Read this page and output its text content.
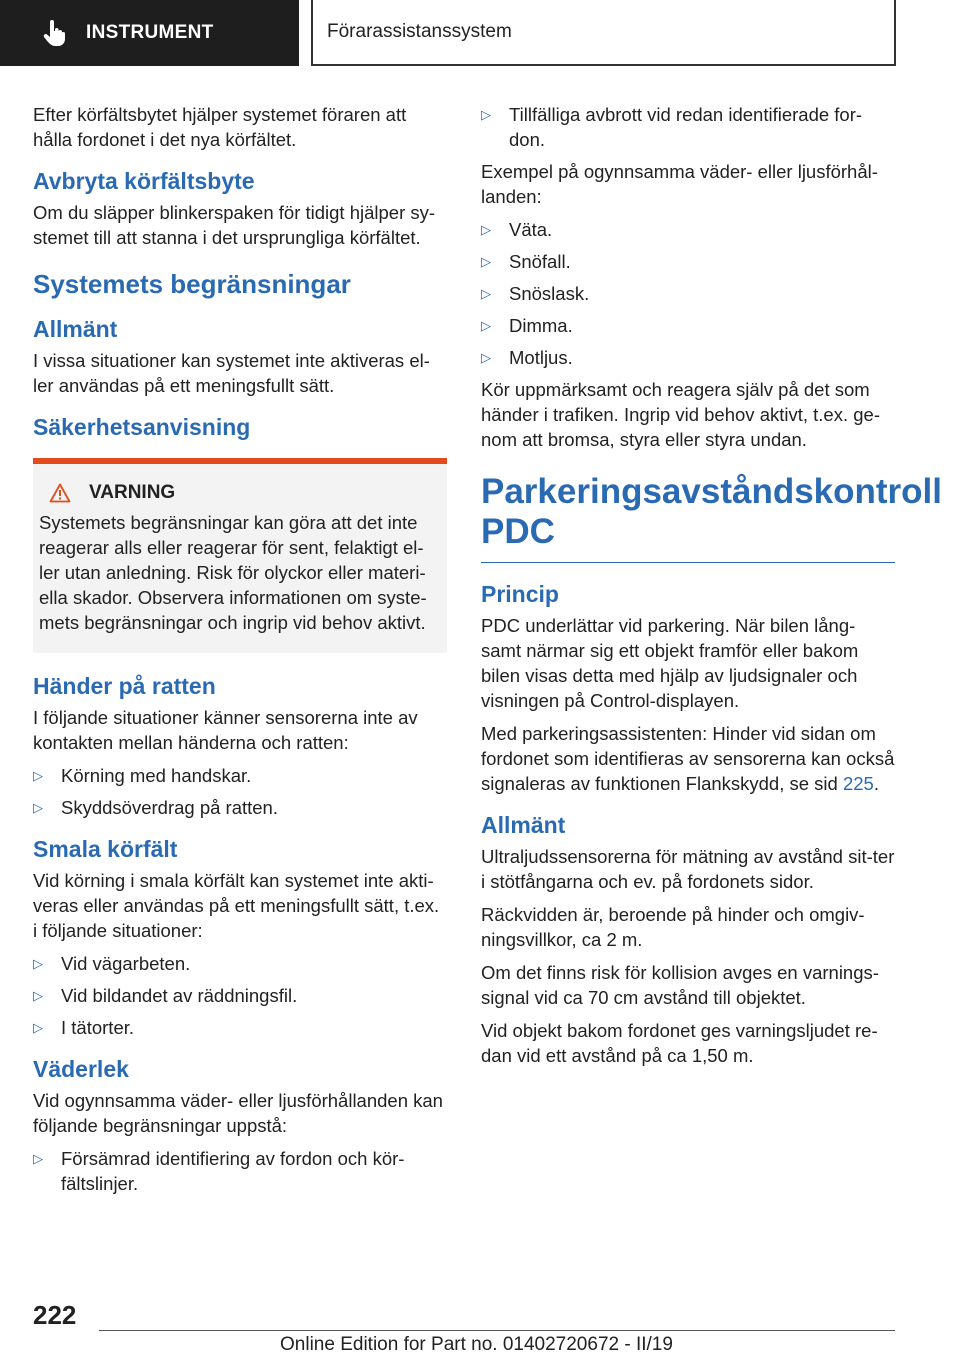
INSTRUMENT	Förarassistanssystem

Efter körfältsbytet hjälper systemet föraren att hålla fordonet i det nya körfältet.

Avbryta körfältsbyte

Om du släpper blinkerspaken för tidigt hjälper sy-stemet till att stanna i det ursprungliga körfältet.

Systemets begränsningar
Allmänt

I vissa situationer kan systemet inte aktiveras el-ler användas på ett meningsfullt sätt.

Säkerhetsanvisning
VARNING

Systemets begränsningar kan göra att det inte reagerar alls eller reagerar för sent, felaktigt el-ler utan anledning. Risk för olyckor eller materi-ella skador. Observera informationen om syste-mets begränsningar och ingrip vid behov aktivt.

Händer på ratten

I följande situationer känner sensorerna inte av kontakten mellan händerna och ratten:

▷ Körning med handskar.
▷ Skyddsöverdrag på ratten.
Smala körfält

Vid körning i smala körfält kan systemet inte akti-veras eller användas på ett meningsfullt sätt, t.ex. i följande situationer:

▷ Vid vägarbeten.
▷ Vid bildandet av räddningsfil.
▷ I tätorter.
Väderlek

Vid ogynnsamma väder- eller ljusförhållanden kan följande begränsningar uppstå:

▷ Försämrad identifiering av fordon och kör-fältslinjer.
▷ Tillfälliga avbrott vid redan identifierade for-don.

Exempel på ogynnsamma väder- eller ljusförhål-landen:

▷ Väta.
▷ Snöfall.
▷ Snöslask.
▷ Dimma.
▷ Motljus.

Kör uppmärksamt och reagera själv på det som händer i trafiken. Ingrip vid behov aktivt, t.ex. ge-nom att bromsa, styra eller styra undan.

Parkeringsavståndskontroll PDC
Princip

PDC underlättar vid parkering. När bilen lång-samt närmar sig ett objekt framför eller bakom bilen visas detta med hjälp av ljudsignaler och visningen på Control-displayen.

Med parkeringsassistenten: Hinder vid sidan om fordonet som identifieras av sensorerna kan också signaleras av funktionen Flankskydd, se sid 225.

Allmänt

Ultraljudssensorerna för mätning av avstånd sit-ter i stötfångarna och ev. på fordonets sidor.

Räckvidden är, beroende på hinder och omgiv-ningsvillkor, ca 2 m.

Om det finns risk för kollision avges en varnings-signal vid ca 70 cm avstånd till objektet.

Vid objekt bakom fordonet ges varningsljudet re-dan vid ett avstånd på ca 1,50 m.

222
Online Edition for Part no. 01402720672 - II/19
